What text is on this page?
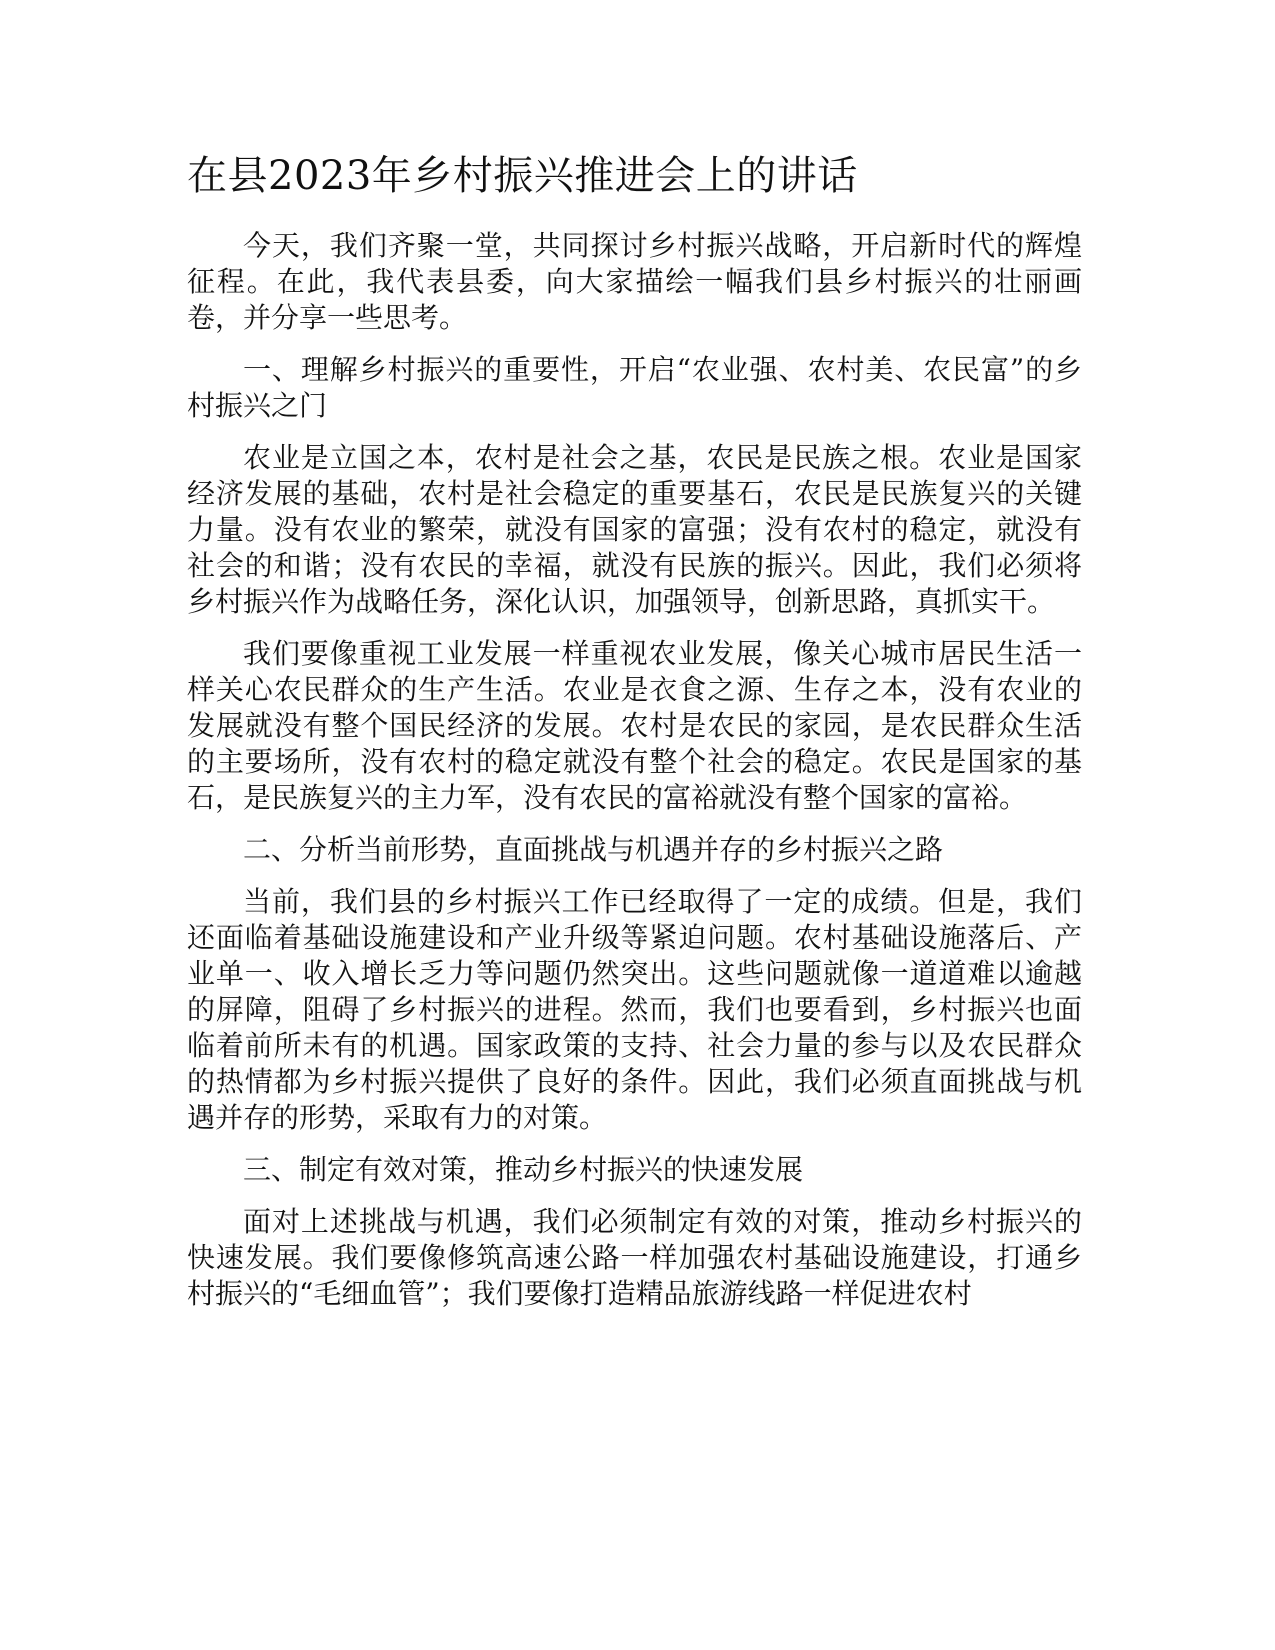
在县2023年乡村振兴推进会上的讲话

今天，我们齐聚一堂，共同探讨乡村振兴战略，开启新时代的辉煌征程。在此，我代表县委，向大家描绘一幅我们县乡村振兴的壮丽画卷，并分享一些思考。

一、理解乡村振兴的重要性，开启“农业强、农村美、农民富”的乡村振兴之门

农业是立国之本，农村是社会之基，农民是民族之根。农业是国家经济发展的基础，农村是社会稳定的重要基石，农民是民族复兴的关键力量。没有农业的繁荣，就没有国家的富强；没有农村的稳定，就没有社会的和谐；没有农民的幸福，就没有民族的振兴。因此，我们必须将乡村振兴作为战略任务，深化认识，加强领导，创新思路，真抓实干。

我们要像重视工业发展一样重视农业发展，像关心城市居民生活一样关心农民群众的生产生活。农业是衣食之源、生存之本，没有农业的发展就没有整个国民经济的发展。农村是农民的家园，是农民群众生活的主要场所，没有农村的稳定就没有整个社会的稳定。农民是国家的基石，是民族复兴的主力军，没有农民的富裕就没有整个国家的富裕。

二、分析当前形势，直面挑战与机遇并存的乡村振兴之路

当前，我们县的乡村振兴工作已经取得了一定的成绩。但是，我们还面临着基础设施建设和产业升级等紧迫问题。农村基础设施落后、产业单一、收入增长乏力等问题仍然突出。这些问题就像一道道难以逾越的屏障，阻碍了乡村振兴的进程。然而，我们也要看到，乡村振兴也面临着前所未有的机遇。国家政策的支持、社会力量的参与以及农民群众的热情都为乡村振兴提供了良好的条件。因此，我们必须直面挑战与机遇并存的形势，采取有力的对策。

三、制定有效对策，推动乡村振兴的快速发展

面对上述挑战与机遇，我们必须制定有效的对策，推动乡村振兴的快速发展。我们要像修筑高速公路一样加强农村基础设施建设，打通乡村振兴的“毛细血管”；我们要像打造精品旅游线路一样促进农村
